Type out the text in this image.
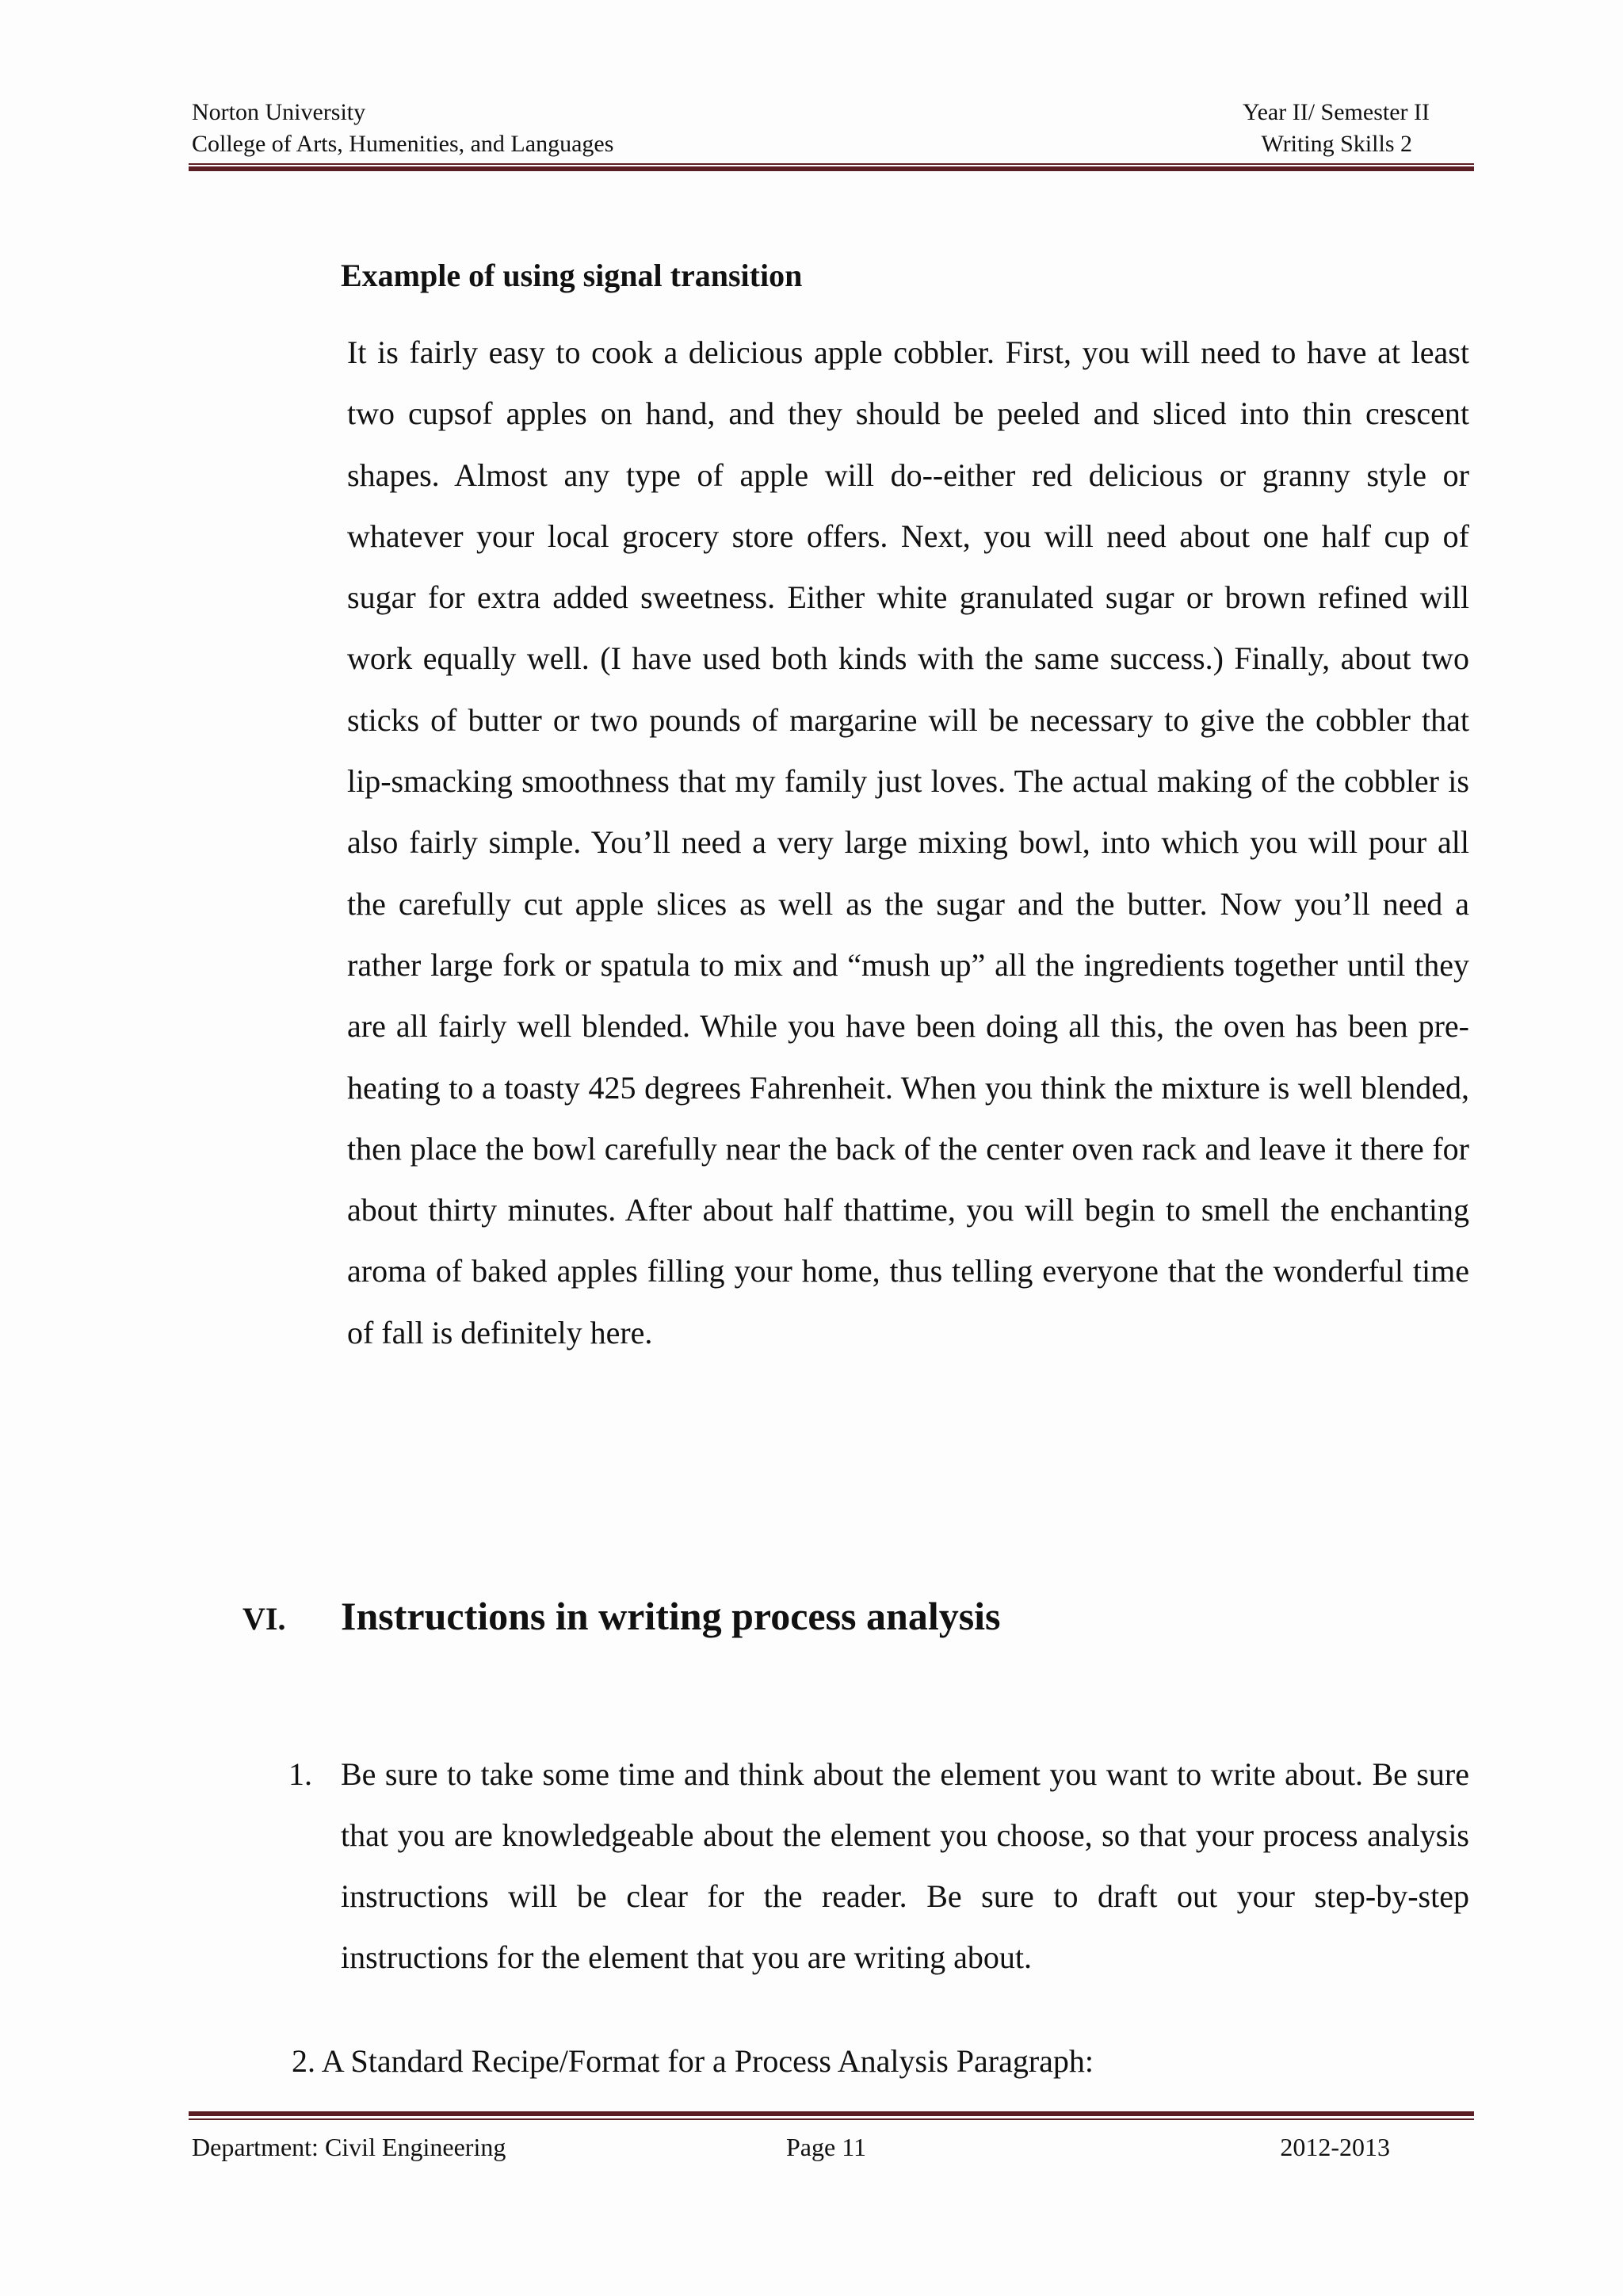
Norton University	Year II/ Semester II
College of Arts, Humenities, and Languages	Writing Skills 2
Example of using signal transition

It is fairly easy to cook a delicious apple cobbler. First, you will need to have at least two cupsof apples on hand, and they should be peeled and sliced into thin crescent shapes. Almost any type of apple will do--either red delicious or granny style or whatever your local grocery store offers. Next, you will need about one half cup of sugar for extra added sweetness. Either white granulated sugar or brown refined will work equally well. (I have used both kinds with the same success.) Finally, about two sticks of butter or two pounds of margarine will be necessary to give the cobbler that lip-smacking smoothness that my family just loves. The actual making of the cobbler is also fairly simple. You’ll need a very large mixing bowl, into which you will pour all the carefully cut apple slices as well as the sugar and the butter. Now you’ll need a rather large fork or spatula to mix and “mush up” all the ingredients together until they are all fairly well blended. While you have been doing all this, the oven has been pre-heating to a toasty 425 degrees Fahrenheit. When you think the mixture is well blended, then place the bowl carefully near the back of the center oven rack and leave it there for about thirty minutes. After about half thattime, you will begin to smell the enchanting aroma of baked apples filling your home, thus telling everyone that the wonderful time of fall is definitely here.

VI. Instructions in writing process analysis
1. Be sure to take some time and think about the element you want to write about. Be sure that you are knowledgeable about the element you choose, so that your process analysis instructions will be clear for the reader. Be sure to draft out your step-by-step instructions for the element that you are writing about.

2. A Standard Recipe/Format for a Process Analysis Paragraph:
Department: Civil Engineering	Page 11	2012-2013
